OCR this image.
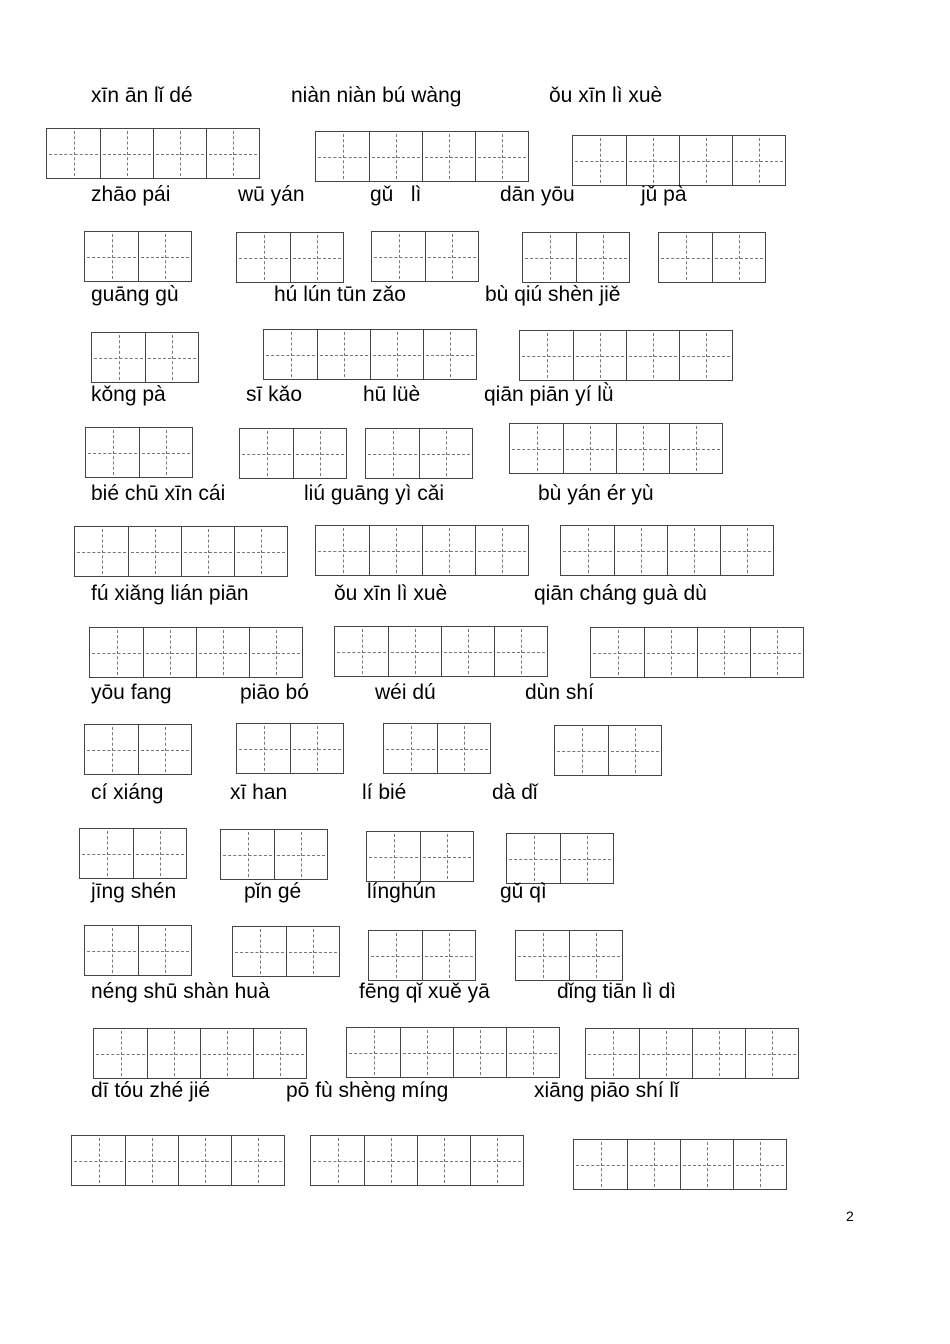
xīn ān lǐ dé	niàn niàn bú wàng	ǒu xīn lì xuè
zhāo pái	wū yán	gǔ   lì	dān yōu	jǔ pà
guāng gù	hú lún tūn zǎo	bù qiú shèn jiě
kǒng pà	sī kǎo	hū lüè	qiān piān yí lǜ
bié chū xīn cái	liú guāng yì cǎi	bù yán ér yù
fú xiǎng lián piān	ǒu xīn lì xuè	qiān cháng guà dù
yōu fang	piāo bó	wéi dú	dùn shí
cí xiáng	xī han	lí bié	dà dǐ
jīng shén	pǐn gé	línghún	gǔ qì
néng shū shàn huà	fēng qǐ xuě yā	dǐng tiān lì dì
dī tóu zhé jié	pō fù shèng míng	xiāng piāo shí lǐ
2
